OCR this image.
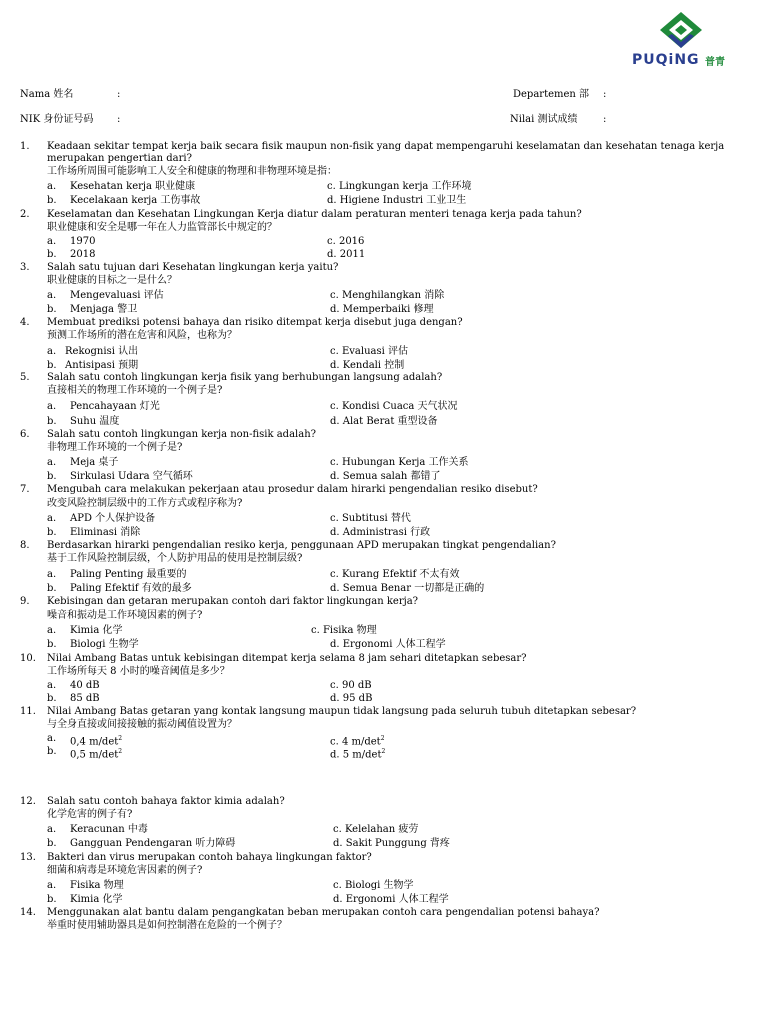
PUQiNG 普青
Nama 姓名	:	Departemen 部 :
NIK 身份证号码 :	Nilai 测试成绩	:
1. Keadaan sekitar tempat kerja baik secara fisik maupun non-fisik yang dapat mempengaruhi keselamatan dan kesehatan tenaga kerja
merupakan pengertian dari?
工作场所周围可能影响工人安全和健康的物理和非物理环境是指：
a. Kesehatan kerja 职业健康	c. Lingkungan kerja 工作环境
b. Kecelakaan kerja 工伤事故	d. Higiene Industri 工业卫生
2. Keselamatan dan Kesehatan Lingkungan Kerja diatur dalam peraturan menteri tenaga kerja pada tahun?
职业健康和安全是哪一年在人力监管部长中规定的？
a. 1970	c. 2016
b. 2018	d. 2011
3. Salah satu tujuan dari Kesehatan lingkungan kerja yaitu?
职业健康的目标之一是什么？
a. Mengevaluasi 评估	c. Menghilangkan 消除
b. Menjaga 警卫	d. Memperbaiki 修理
4. Membuat prediksi potensi bahaya dan risiko ditempat kerja disebut juga dengan?
预测工作场所的潜在危害和风险，也称为？
a. Rekognisi 认出	c. Evaluasi 评估
b. Antisipasi 预期	d. Kendali 控制
5. Salah satu contoh lingkungan kerja fisik yang berhubungan langsung adalah?
直接相关的物理工作环境的一个例子是?
a. Pencahayaan 灯光	c. Kondisi Cuaca 天气状况
b. Suhu 温度	d. Alat Berat 重型设备
6. Salah satu contoh lingkungan kerja non-fisik adalah?
非物理工作环境的一个例子是?
a. Meja 桌子	c. Hubungan Kerja 工作关系
b. Sirkulasi Udara 空气循环	d. Semua salah 都错了
7. Mengubah cara melakukan pekerjaan atau prosedur dalam hirarki pengendalian resiko disebut?
改变风险控制层级中的工作方式或程序称为?
a. APD 个人保护设备	c. Subtitusi 替代
b. Eliminasi 消除	d. Administrasi 行政
8. Berdasarkan hirarki pengendalian resiko kerja, penggunaan APD merupakan tingkat pengendalian?
基于工作风险控制层级，个人防护用品的使用是控制层级?
a. Paling Penting 最重要的	c. Kurang Efektif 不太有效
b. Paling Efektif 有效的最多	d. Semua Benar 一切都是正确的
9. Kebisingan dan getaran merupakan contoh dari faktor lingkungan kerja?
噪音和振动是工作环境因素的例子?
a. Kimia 化学	c. Fisika 物理
b. Biologi 生物学	d. Ergonomi 人体工程学
10. Nilai Ambang Batas untuk kebisingan ditempat kerja selama 8 jam sehari ditetapkan sebesar?
工作场所每天 8 小时的噪音阈值是多少？
a. 40 dB	c. 90 dB
b. 85 dB	d. 95 dB
11. Nilai Ambang Batas getaran yang kontak langsung maupun tidak langsung pada seluruh tubuh ditetapkan sebesar?
与全身直接或间接接触的振动阈值设置为？
a. 0,4 $m/\det^2$	c. 4 $m/\det^2$
b. 0,5 $m/\det^2$	d. 5 $m/\det^2$
12. Salah satu contoh bahaya faktor kimia adalah?
化学危害的例子有?
a. Keracunan 中毒	c. Kelelahan 疲劳
b. Gangguan Pendengaran 听力障碍	d. Sakit Punggung 背疼
13. Bakteri dan virus merupakan contoh bahaya lingkungan faktor?
细菌和病毒是环境危害因素的例子?
a. Fisika 物理	c. Biologi 生物学
b. Kimia 化学	d. Ergonomi 人体工程学
14. Menggunakan alat bantu dalam pengangkatan beban merupakan contoh cara pengendalian potensi bahaya?
举重时使用辅助器具是如何控制潜在危险的一个例子？
